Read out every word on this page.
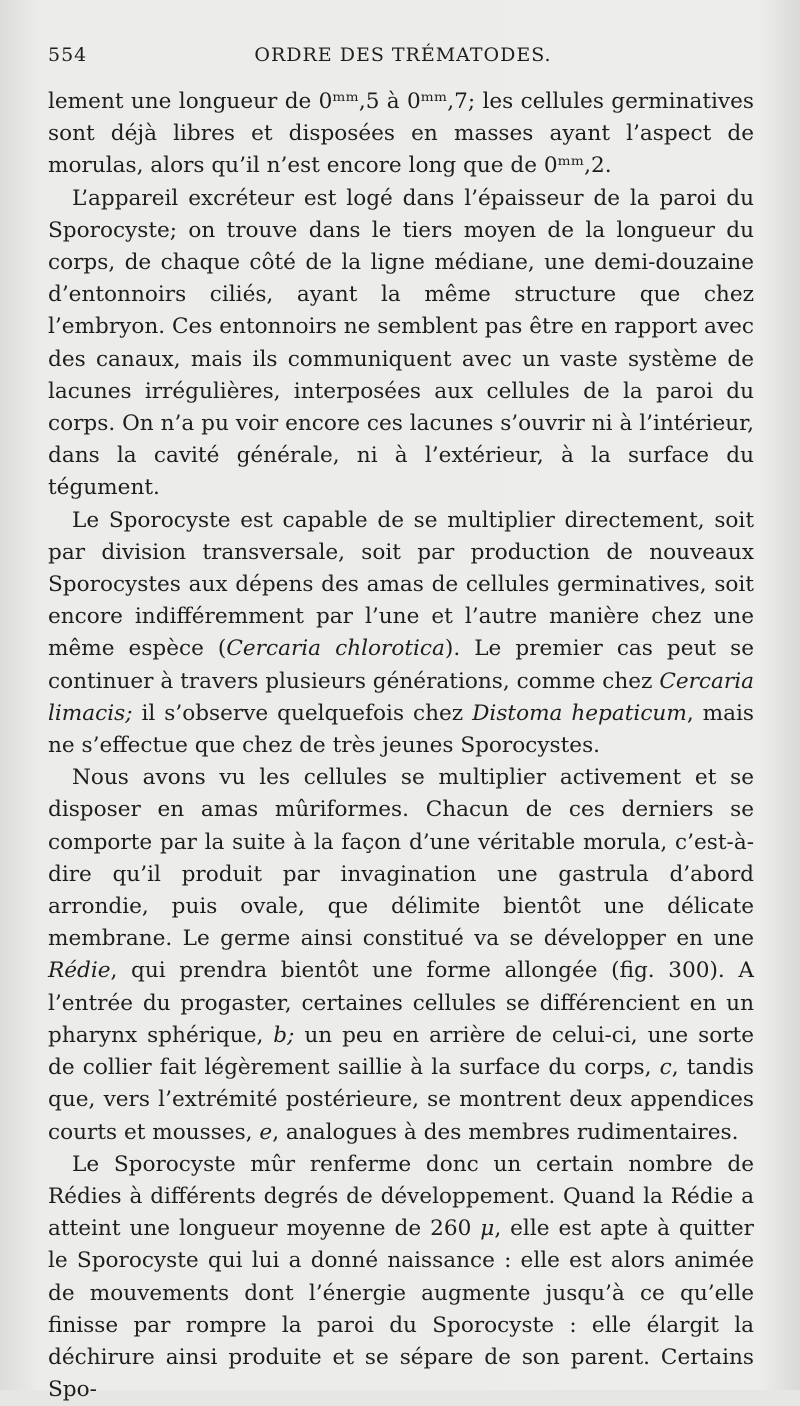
554	ORDRE DES TRÉMATODES.

lement une longueur de 0ᵐᵐ,5 à 0ᵐᵐ,7; les cellules germinatives sont déjà libres et disposées en masses ayant l’aspect de morulas, alors qu’il n’est encore long que de 0ᵐᵐ,2.

L’appareil excréteur est logé dans l’épaisseur de la paroi du Sporocyste; on trouve dans le tiers moyen de la longueur du corps, de chaque côté de la ligne médiane, une demi-douzaine d’entonnoirs ciliés, ayant la même structure que chez l’embryon. Ces entonnoirs ne semblent pas être en rapport avec des canaux, mais ils communiquent avec un vaste système de lacunes irrégulières, interposées aux cellules de la paroi du corps. On n’a pu voir encore ces lacunes s’ouvrir ni à l’intérieur, dans la cavité générale, ni à l’extérieur, à la surface du tégument.

Le Sporocyste est capable de se multiplier directement, soit par division transversale, soit par production de nouveaux Sporocystes aux dépens des amas de cellules germinatives, soit encore indifféremment par l’une et l’autre manière chez une même espèce (Cercaria chlorotica). Le premier cas peut se continuer à travers plusieurs générations, comme chez Cercaria limacis; il s’observe quelquefois chez Distoma hepaticum, mais ne s’effectue que chez de très jeunes Sporocystes.

Nous avons vu les cellules se multiplier activement et se disposer en amas mûriformes. Chacun de ces derniers se comporte par la suite à la façon d’une véritable morula, c’est-à-dire qu’il produit par invagination une gastrula d’abord arrondie, puis ovale, que délimite bientôt une délicate membrane. Le germe ainsi constitué va se développer en une Rédie, qui prendra bientôt une forme allongée (fig. 300). A l’entrée du progaster, certaines cellules se différencient en un pharynx sphérique, b; un peu en arrière de celui-ci, une sorte de collier fait légèrement saillie à la surface du corps, c, tandis que, vers l’extrémité postérieure, se montrent deux appendices courts et mousses, e, analogues à des membres rudimentaires.

Le Sporocyste mûr renferme donc un certain nombre de Rédies à différents degrés de développement. Quand la Rédie a atteint une longueur moyenne de 260 μ, elle est apte à quitter le Sporocyste qui lui a donné naissance : elle est alors animée de mouvements dont l’énergie augmente jusqu’à ce qu’elle finisse par rompre la paroi du Sporocyste : elle élargit la déchirure ainsi produite et se sépare de son parent. Certains Spo-
